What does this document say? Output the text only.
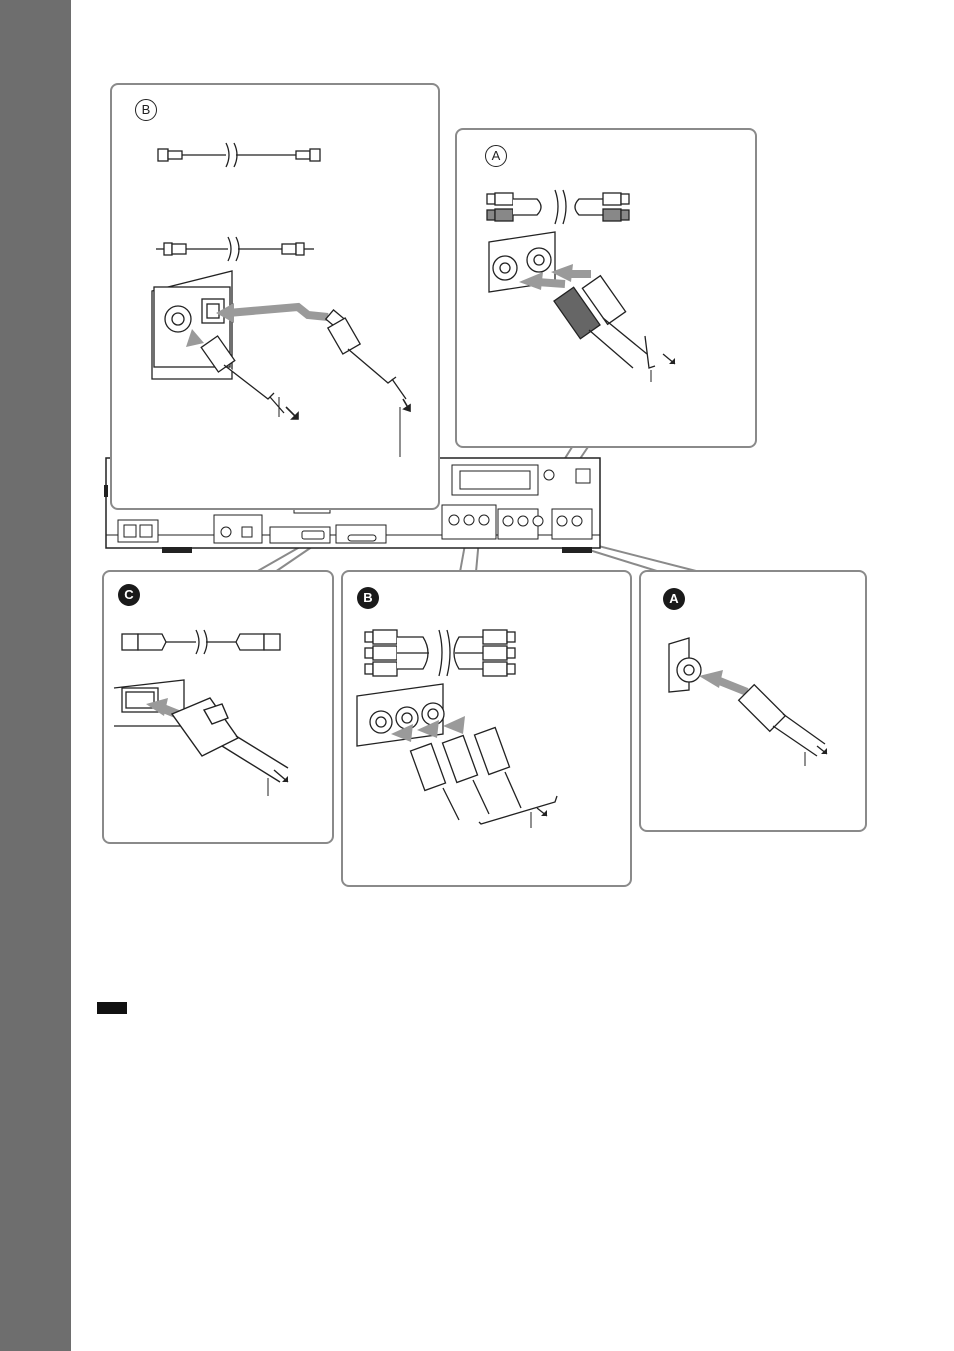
B
A
C	B	A
